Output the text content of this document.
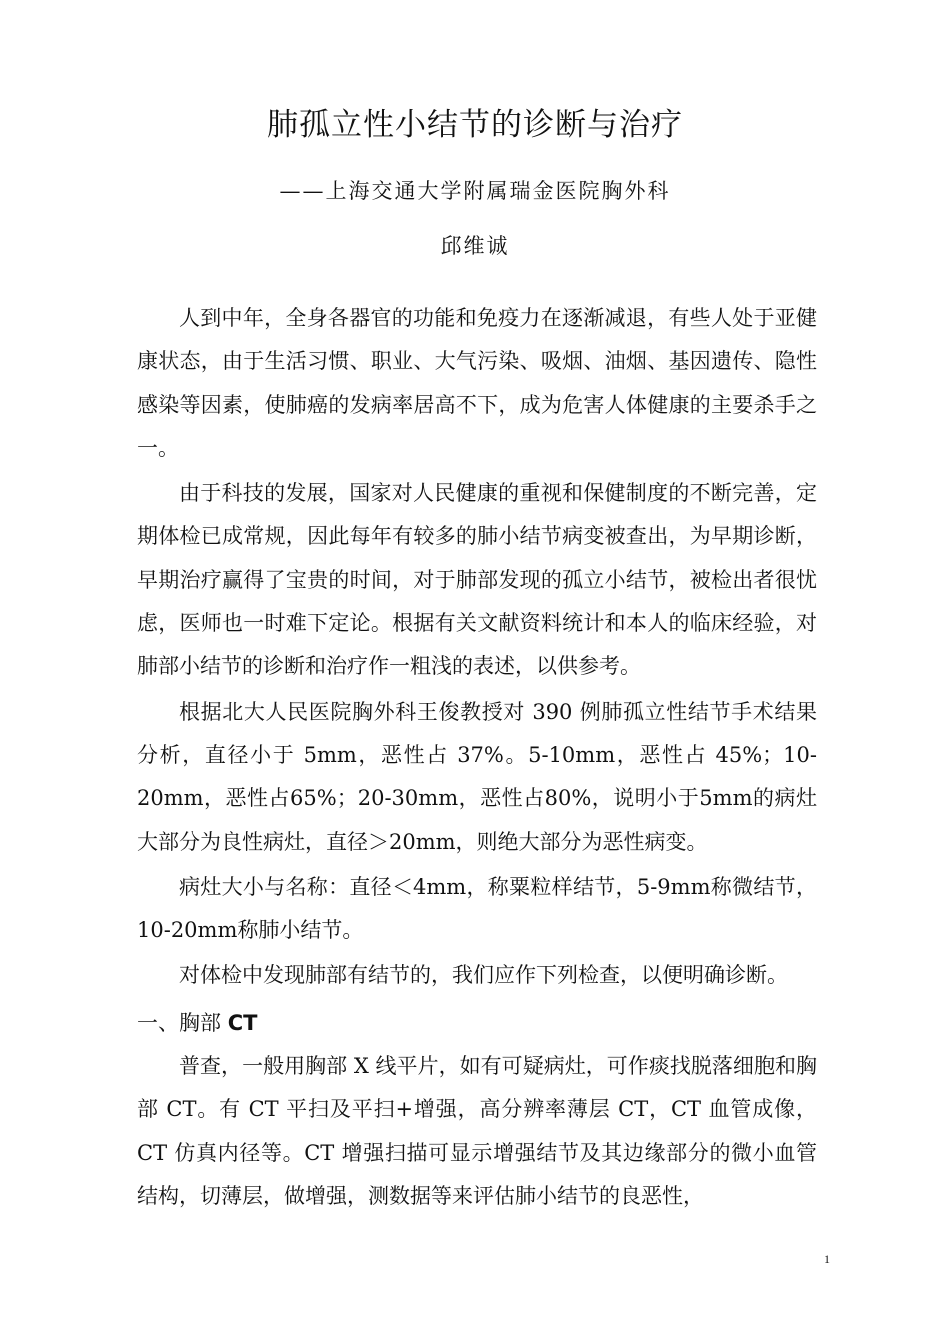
肺孤立性小结节的诊断与治疗
——上海交通大学附属瑞金医院胸外科
邱维诚

人到中年，全身各器官的功能和免疫力在逐渐减退，有些人处于亚健康状态，由于生活习惯、职业、大气污染、吸烟、油烟、基因遗传、隐性感染等因素，使肺癌的发病率居高不下，成为危害人体健康的主要杀手之一。

由于科技的发展，国家对人民健康的重视和保健制度的不断完善，定期体检已成常规，因此每年有较多的肺小结节病变被查出，为早期诊断，早期治疗赢得了宝贵的时间，对于肺部发现的孤立小结节，被检出者很忧虑，医师也一时难下定论。根据有关文献资料统计和本人的临床经验，对肺部小结节的诊断和治疗作一粗浅的表述，以供参考。

根据北大人民医院胸外科王俊教授对 390 例肺孤立性结节手术结果分析，直径小于 5mm，恶性占 37%。5-10mm，恶性占 45%；10-20mm，恶性占65%；20-30mm，恶性占80%，说明小于5mm的病灶大部分为良性病灶，直径＞20mm，则绝大部分为恶性病变。

病灶大小与名称：直径＜4mm，称粟粒样结节，5-9mm称微结节，10-20mm称肺小结节。

对体检中发现肺部有结节的，我们应作下列检查，以便明确诊断。

一、胸部 CT

普查，一般用胸部 X 线平片，如有可疑病灶，可作痰找脱落细胞和胸部 CT。有 CT 平扫及平扫+增强，高分辨率薄层 CT，CT 血管成像，CT 仿真内径等。CT 增强扫描可显示增强结节及其边缘部分的微小血管结构，切薄层，做增强，测数据等来评估肺小结节的良恶性，

1
